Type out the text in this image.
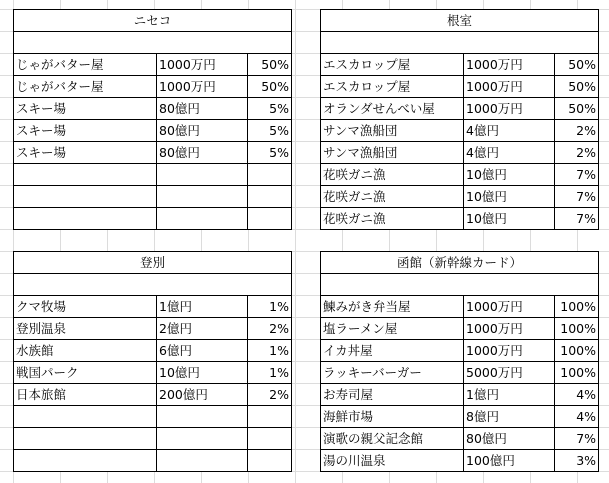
ニセコ		

じゃがバター屋	1000万円	50%
じゃがバター屋	1000万円	50%
スキー場	80億円	5%
スキー場	80億円	5%
スキー場	80億円	5%

根室		

エスカロップ屋	1000万円	50%
エスカロップ屋	1000万円	50%
オランダせんべい屋	1000万円	50%
サンマ漁船団	4億円	2%
サンマ漁船団	4億円	2%
花咲ガニ漁	10億円	7%
花咲ガニ漁	10億円	7%
花咲ガニ漁	10億円	7%
登別		

クマ牧場	1億円	1%
登別温泉	2億円	2%
水族館	6億円	1%
戦国パーク	10億円	1%
日本旅館	200億円	2%

函館（新幹線カード）		

鰊みがき弁当屋	1000万円	100%
塩ラーメン屋	1000万円	100%
イカ丼屋	1000万円	100%
ラッキーバーガー	5000万円	100%
お寿司屋	1億円	4%
海鮮市場	8億円	4%
演歌の親父記念館	80億円	7%
湯の川温泉	100億円	3%
